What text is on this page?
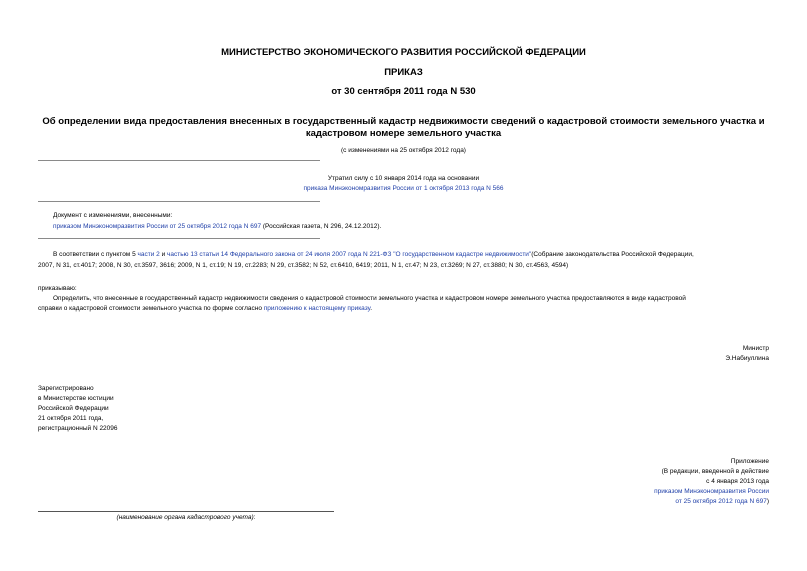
МИНИСТЕРСТВО ЭКОНОМИЧЕСКОГО РАЗВИТИЯ РОССИЙСКОЙ ФЕДЕРАЦИИ
ПРИКАЗ
от 30 сентября 2011 года N 530
Об определении вида предоставления внесенных в государственный кадастр недвижимости сведений о кадастровой стоимости земельного участка и
кадастровом номере земельного участка
(с изменениями на 25 октября 2012 года)
Утратил силу с 10 января 2014 года на основании
приказа Минэкономразвития России от 1 октября 2013 года N 566
Документ с изменениями, внесенными:
приказом Минэкономразвития России от 25 октября 2012 года N 697 (Российская газета, N 296, 24.12.2012).
В соответствии с пунктом 5 части 2 и частью 13 статьи 14 Федерального закона от 24 июля 2007 года N 221-ФЗ "О государственном кадастре недвижимости"(Собрание законодательства Российской Федерации,
2007, N 31, ст.4017; 2008, N 30, ст.3597, 3616; 2009, N 1, ст.19; N 19, ст.2283; N 29, ст.3582; N 52, ст.6410, 6419; 2011, N 1, ст.47; N 23, ст.3269; N 27, ст.3880; N 30, ст.4563, 4594)
приказываю:
Определить, что внесенные в государственный кадастр недвижимости сведения о кадастровой стоимости земельного участка и кадастровом номере земельного участка предоставляются в виде кадастровой
справки о кадастровой стоимости земельного участка по форме согласно приложению к настоящему приказу.
Министр
Э.Набиуллина
Зарегистрировано
в Министерстве юстиции
Российской Федерации
21 октября 2011 года,
регистрационный N 22096
Приложение
(В редакции, введенной в действие
с 4 января 2013 года
приказом Минэкономразвития России
от 25 октября 2012 года N 697)
(наименование органа кадастрового учета):
